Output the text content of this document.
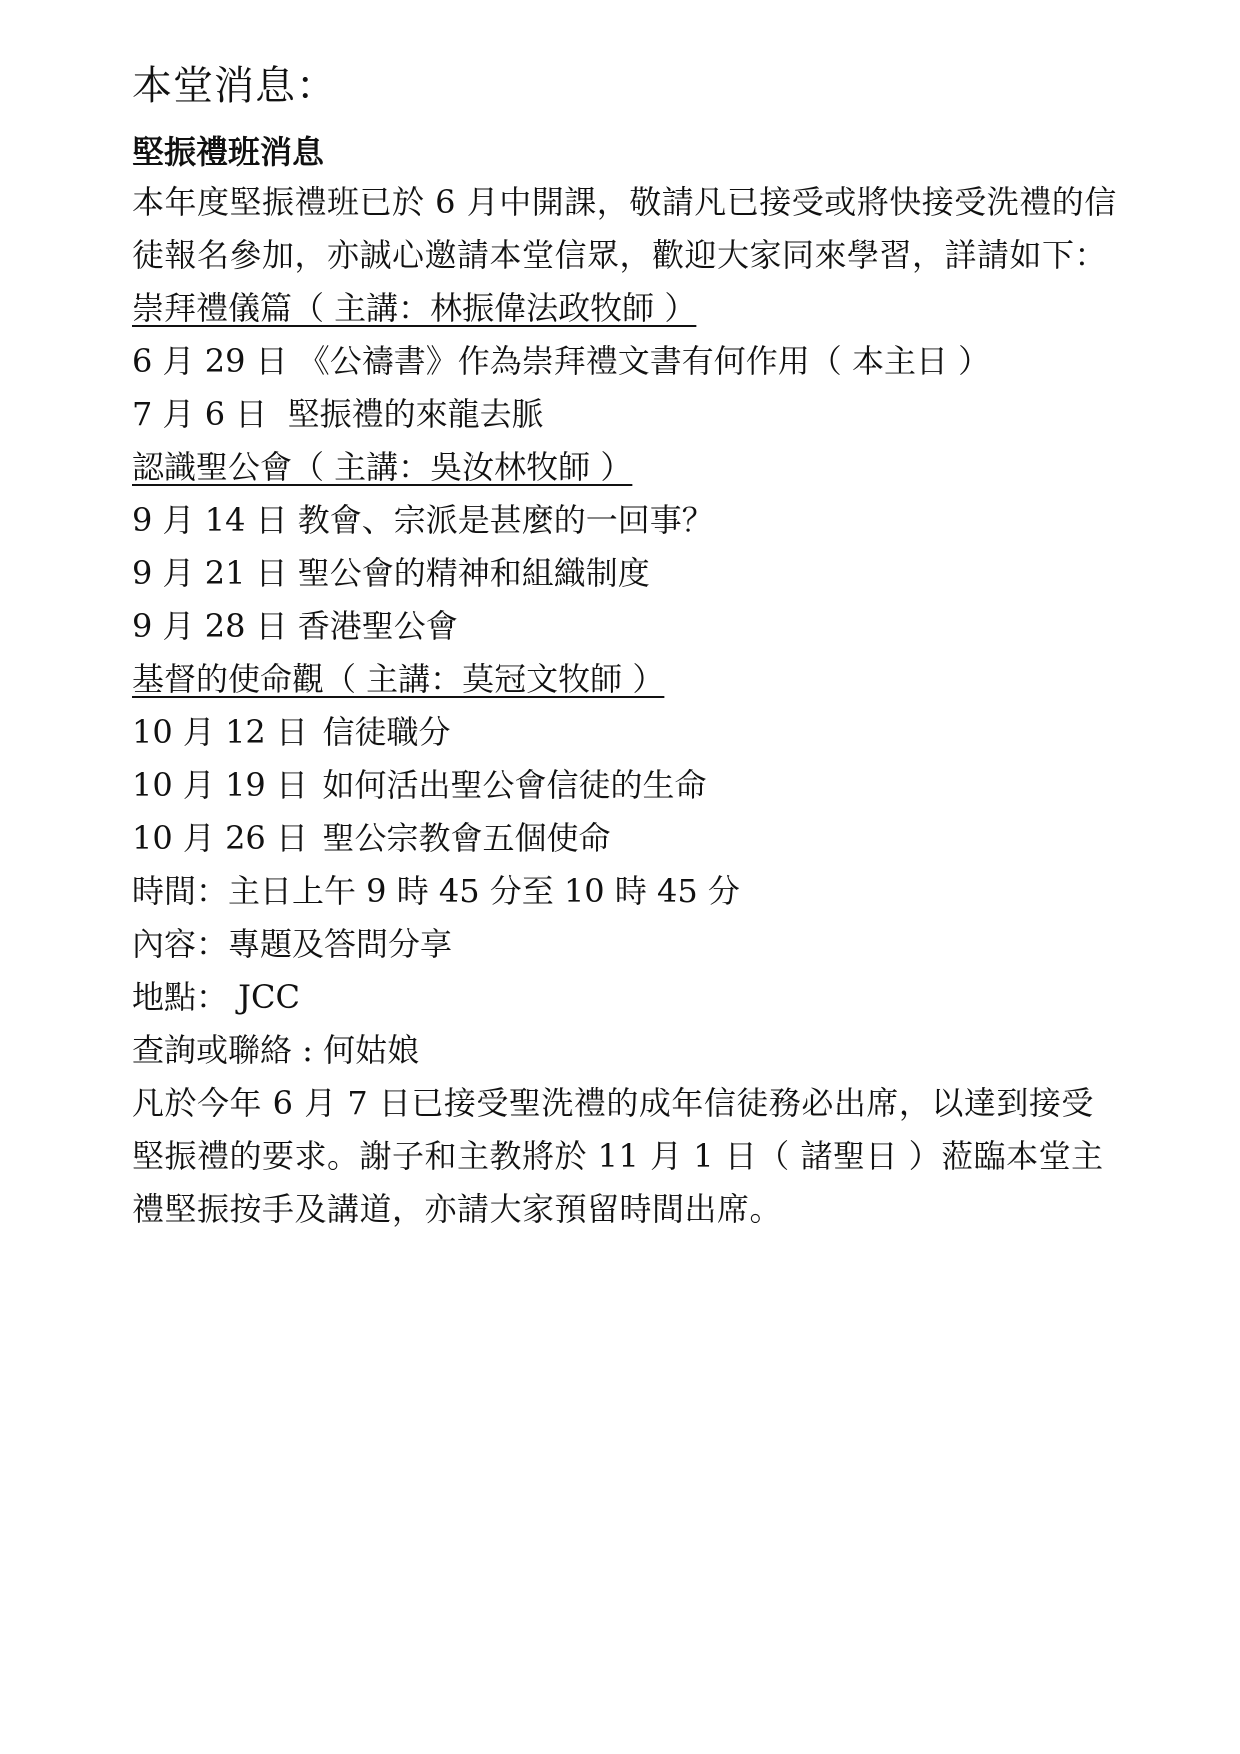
本堂消息：
堅振禮班消息

本年度堅振禮班已於 6 月中開課，敬請凡已接受或將快接受洗禮的信徒報名參加，亦誠心邀請本堂信眾，歡迎大家同來學習，詳請如下：

崇拜禮儀篇（ 主講：林振偉法政牧師 ）
6 月 29 日 《公禱書》作為崇拜禮文書有何作用（ 本主日 ）
7 月 6 日 堅振禮的來龍去脈
認識聖公會（ 主講：吳汝林牧師 ）
9 月 14 日 教會、宗派是甚麼的一回事？
9 月 21 日 聖公會的精神和組織制度
9 月 28 日 香港聖公會
基督的使命觀（ 主講：莫冠文牧師 ）
10 月 12 日 信徒職分
10 月 19 日 如何活出聖公會信徒的生命
10 月 26 日 聖公宗教會五個使命
時間：主日上午 9 時 45 分至 10 時 45 分
內容：專題及答問分享
地點： JCC
查詢或聯絡 : 何姑娘

凡於今年 6 月 7 日已接受聖洗禮的成年信徒務必出席，以達到接受堅振禮的要求。謝子和主教將於 11 月 1 日（ 諸聖日 ）蒞臨本堂主禮堅振按手及講道，亦請大家預留時間出席。
